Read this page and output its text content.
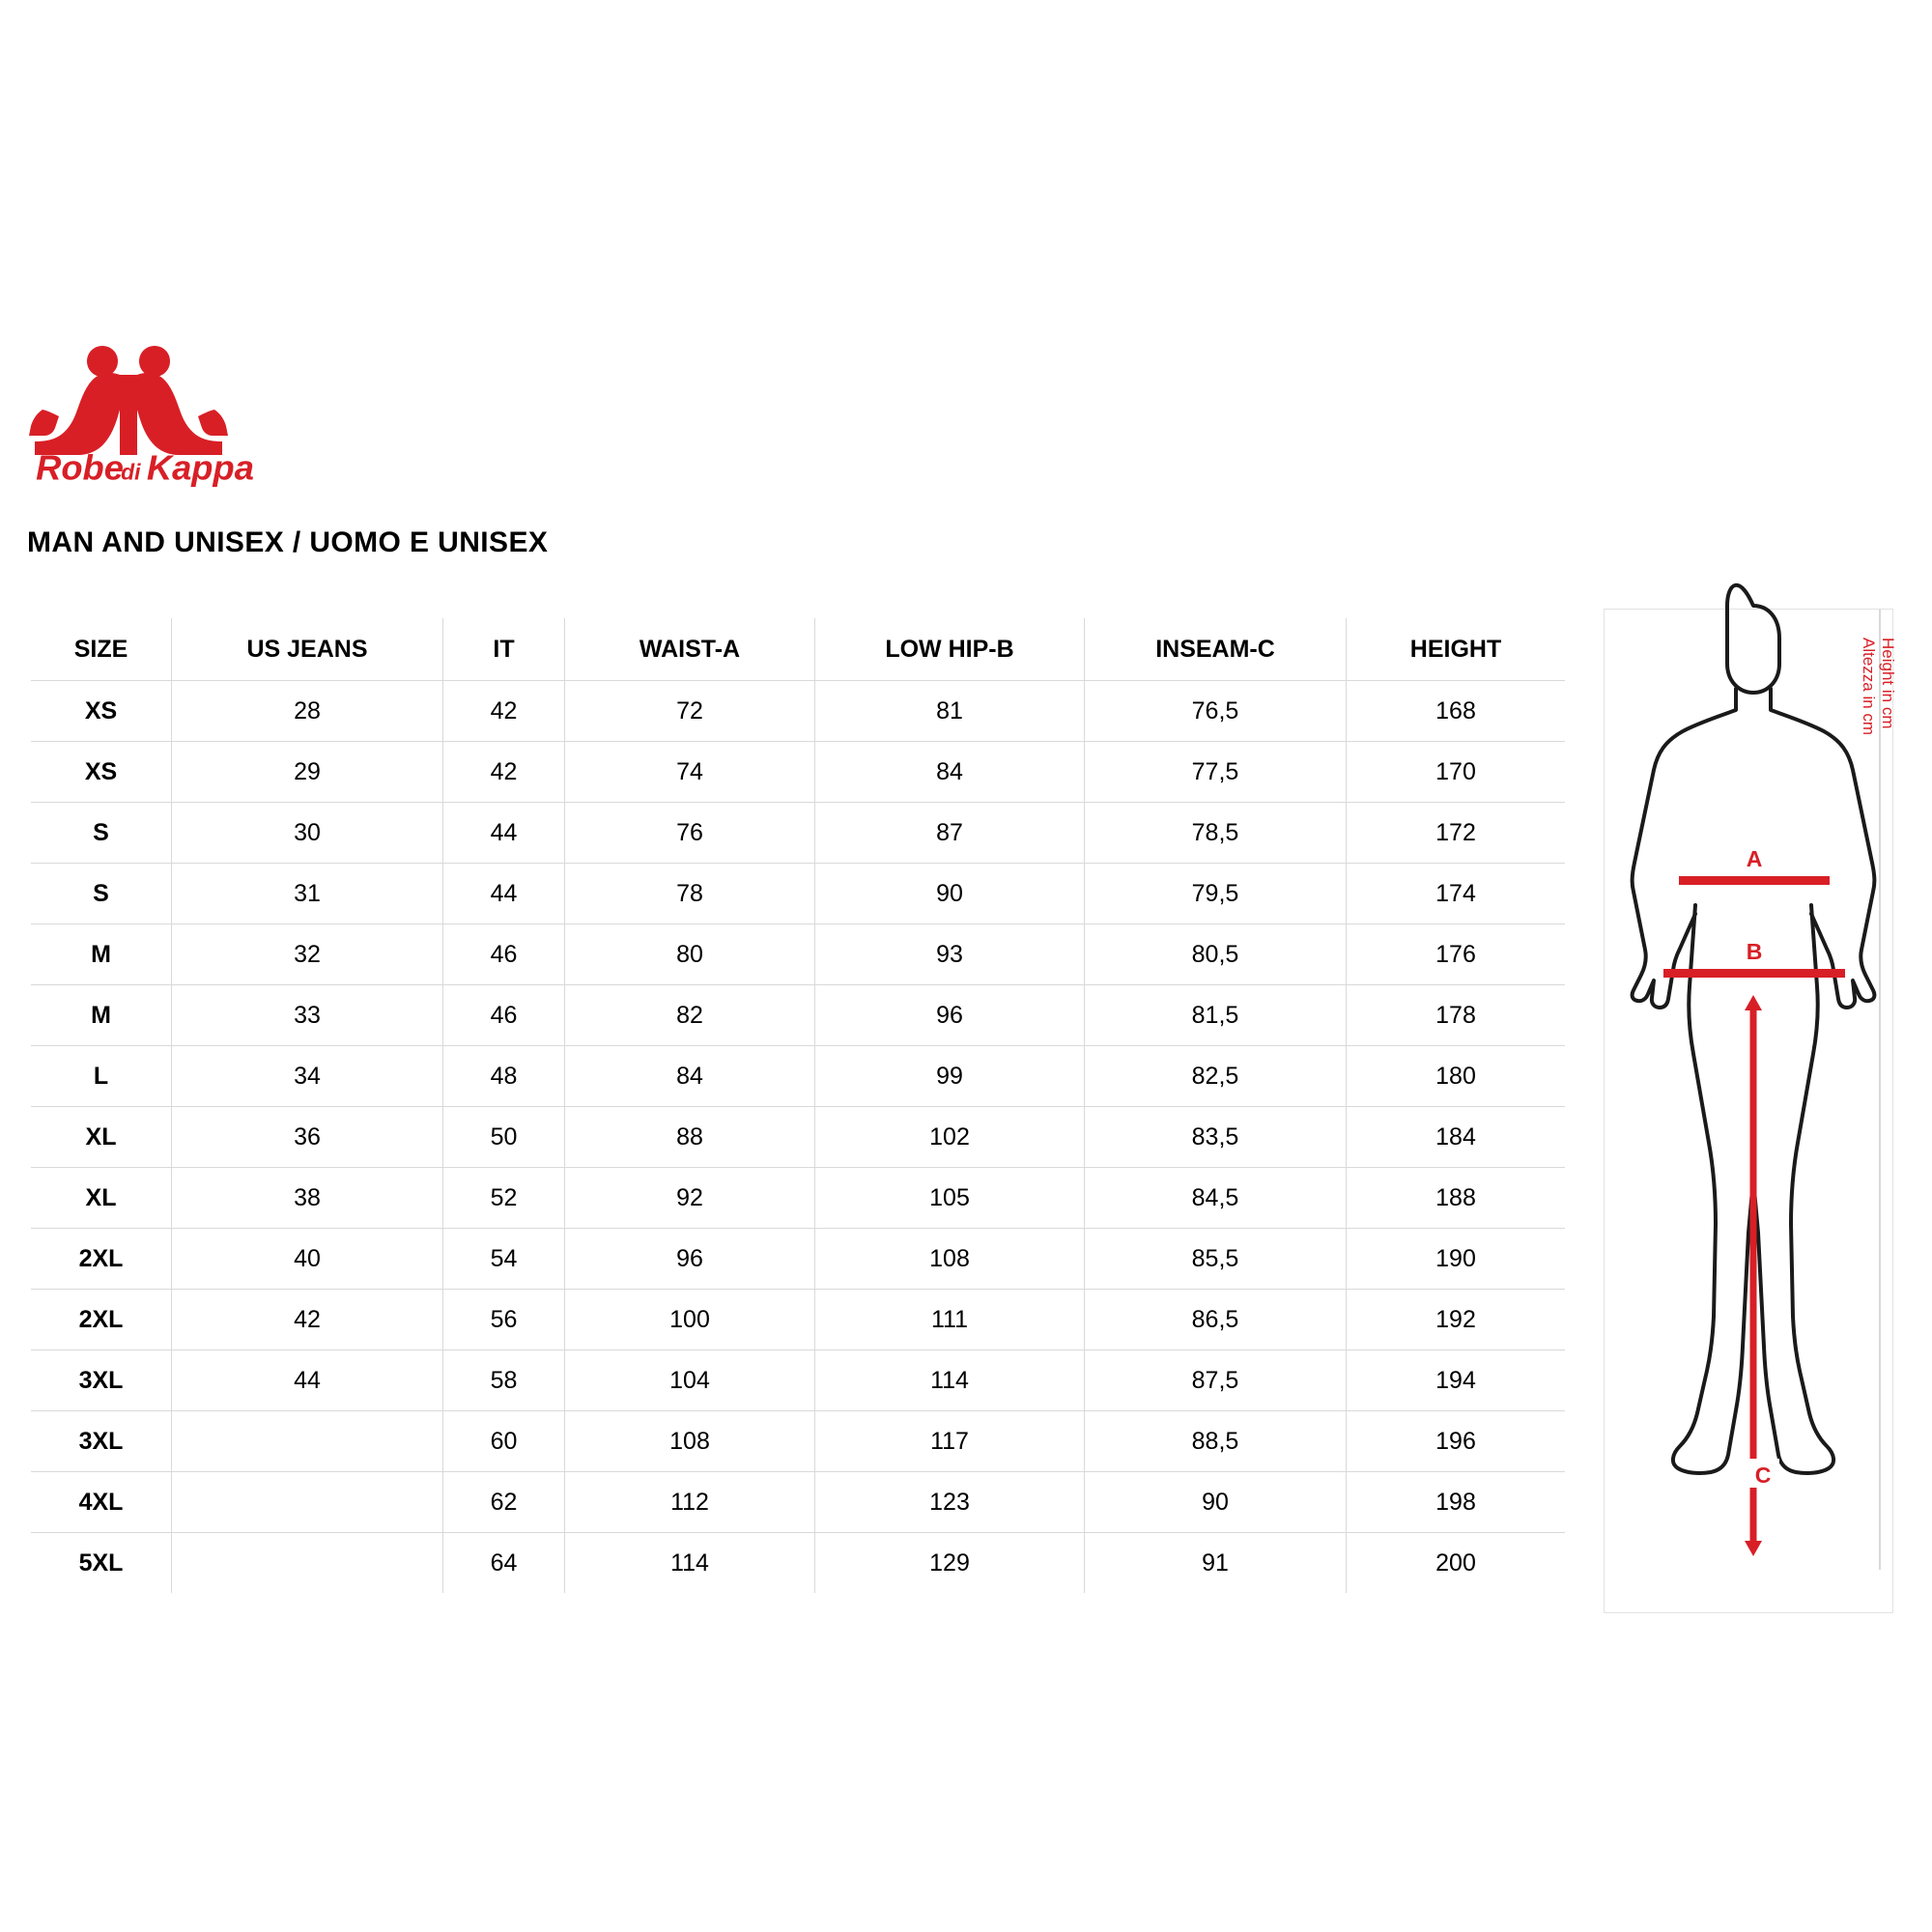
Robe
di Kappa
MAN AND UNISEX / UOMO E UNISEX
SIZE	US JEANS	IT	WAIST-A	LOW HIP-B	INSEAM-C	HEIGHT
XS	28	42	72	81	76,5	168
XS	29	42	74	84	77,5	170
S	30	44	76	87	78,5	172
S	31	44	78	90	79,5	174
M	32	46	80	93	80,5	176
M	33	46	82	96	81,5	178
L	34	48	84	99	82,5	180
XL	36	50	88	102	83,5	184
XL	38	52	92	105	84,5	188
2XL	40	54	96	108	85,5	190
2XL	42	56	100	111	86,5	192
3XL	44	58	104	114	87,5	194
3XL		60	108	117	88,5	196
4XL		62	112	123	90	198
5XL		64	114	129	91	200
A
B
C
Height in cm
Altezza in cm
